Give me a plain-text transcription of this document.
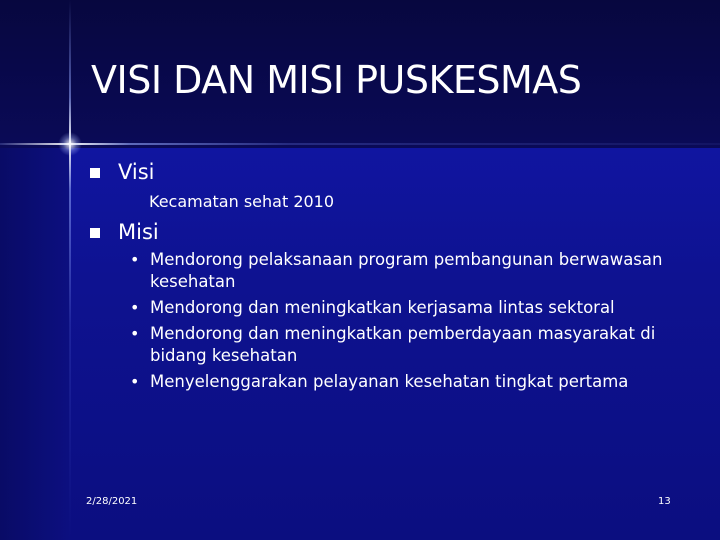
VISI DAN MISI PUSKESMAS
Visi
Kecamatan sehat 2010
Misi
• Mendorong pelaksanaan program pembangunan berwawasan kesehatan
• Mendorong dan meningkatkan kerjasama lintas sektoral
• Mendorong dan meningkatkan pemberdayaan masyarakat di bidang kesehatan
• Menyelenggarakan pelayanan kesehatan tingkat pertama
2/28/2021	13
